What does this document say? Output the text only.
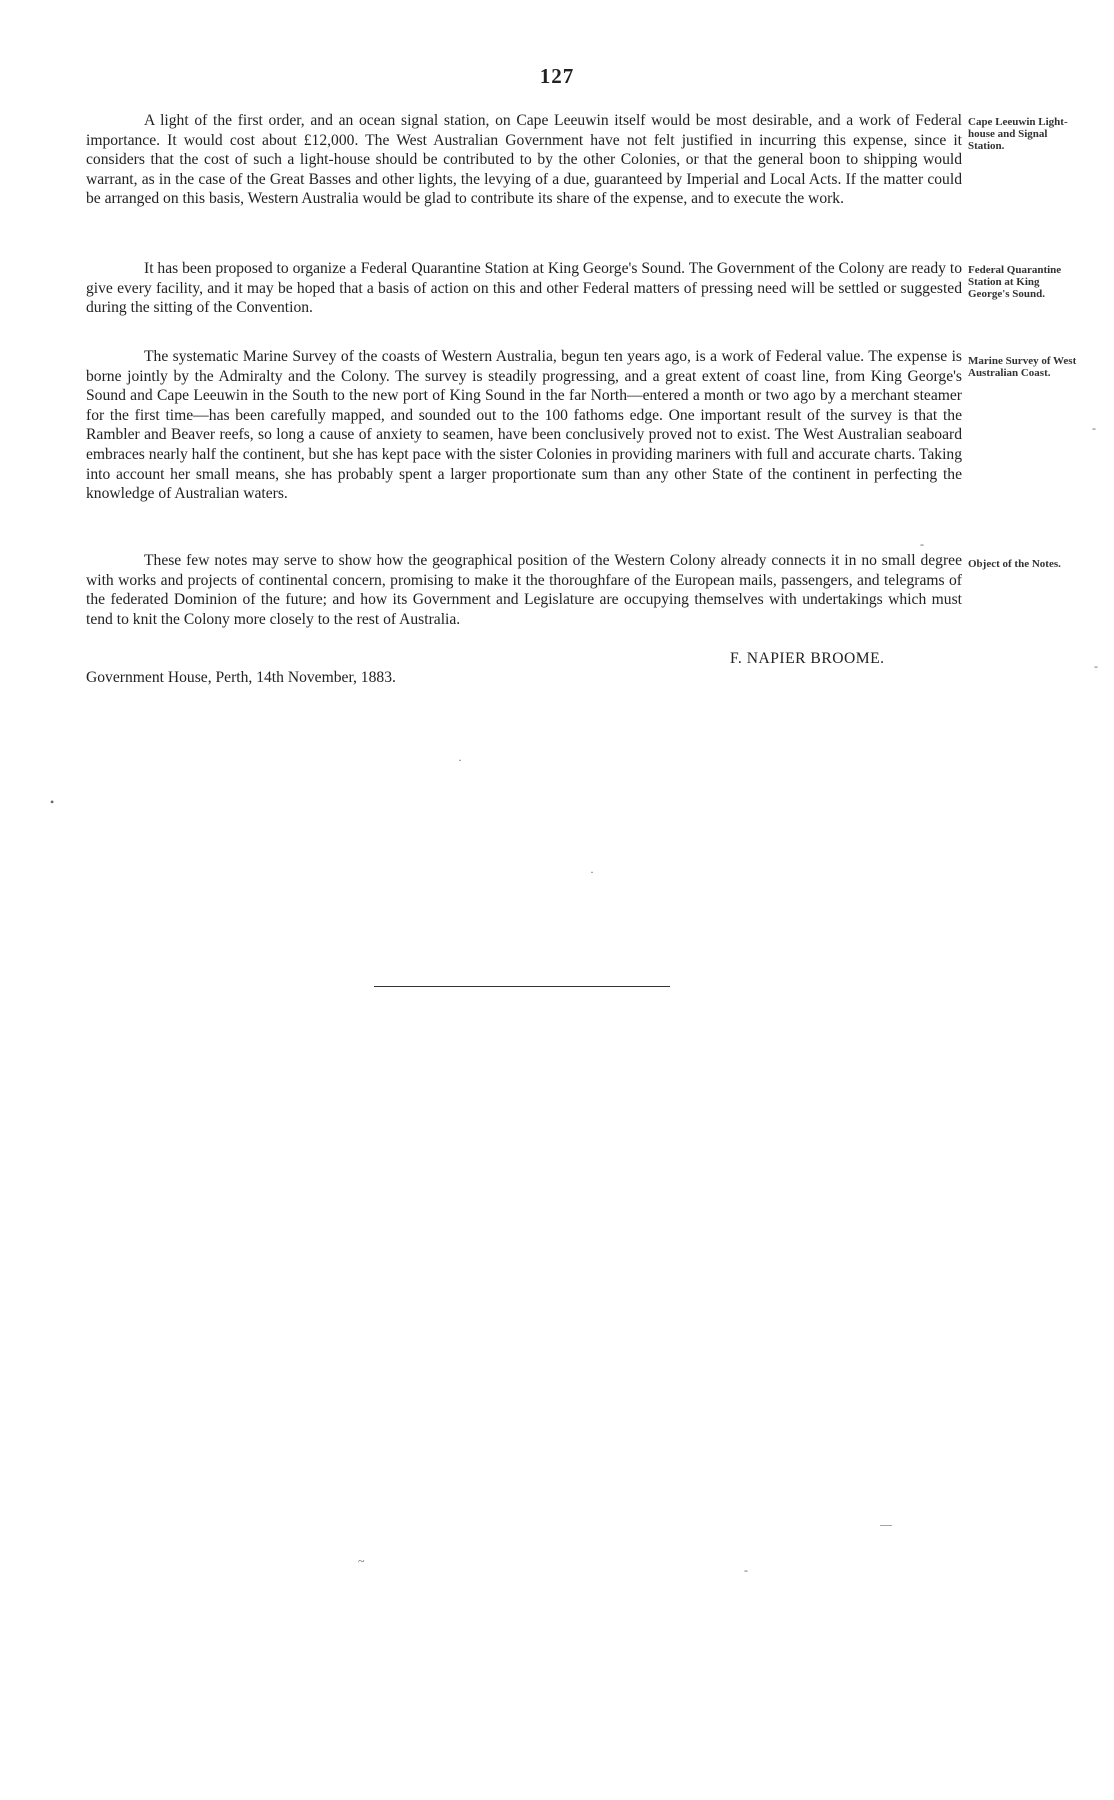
127

A light of the first order, and an ocean signal station, on Cape Leeuwin itself would be most desirable, and a work of Federal importance. It would cost about £12,000. The West Australian Government have not felt justified in incurring this expense, since it considers that the cost of such a light-house should be contributed to by the other Colonies, or that the general boon to shipping would warrant, as in the case of the Great Basses and other lights, the levying of a due, guaranteed by Imperial and Local Acts. If the matter could be arranged on this basis, Western Australia would be glad to contribute its share of the expense, and to execute the work.

Cape Leeuwin Light-house and Signal Station.

It has been proposed to organize a Federal Quarantine Station at King George's Sound. The Government of the Colony are ready to give every facility, and it may be hoped that a basis of action on this and other Federal matters of pressing need will be settled or suggested during the sitting of the Convention.

Federal Quarantine Station at King George's Sound.

The systematic Marine Survey of the coasts of Western Australia, begun ten years ago, is a work of Federal value. The expense is borne jointly by the Admiralty and the Colony. The survey is steadily progressing, and a great extent of coast line, from King George's Sound and Cape Leeuwin in the South to the new port of King Sound in the far North—entered a month or two ago by a merchant steamer for the first time—has been carefully mapped, and sounded out to the 100 fathoms edge. One important result of the survey is that the Rambler and Beaver reefs, so long a cause of anxiety to seamen, have been conclusively proved not to exist. The West Australian seaboard embraces nearly half the continent, but she has kept pace with the sister Colonies in providing mariners with full and accurate charts. Taking into account her small means, she has probably spent a larger proportionate sum than any other State of the continent in perfecting the knowledge of Australian waters.

Marine Survey of West Australian Coast.

These few notes may serve to show how the geographical position of the Western Colony already connects it in no small degree with works and projects of continental concern, promising to make it the thoroughfare of the European mails, passengers, and telegrams of the federated Dominion of the future; and how its Government and Legislature are occupying themselves with undertakings which must tend to knit the Colony more closely to the rest of Australia.

Object of the Notes.
F. NAPIER BROOME.
Government House, Perth, 14th November, 1883.
•
·
·
-
-
-
~
—
-
